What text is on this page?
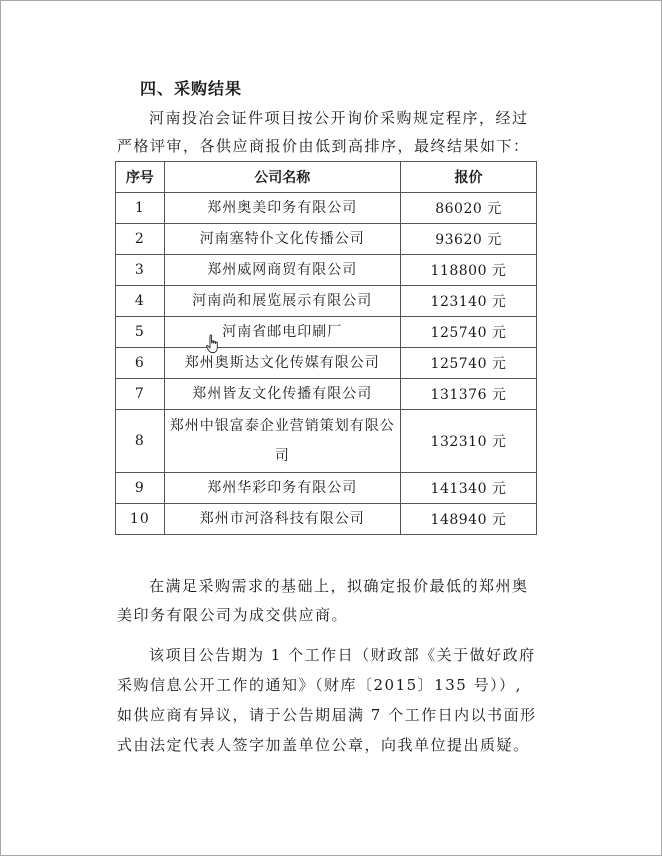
四、采购结果

河南投冶会证件项目按公开询价采购规定程序，经过严格评审，各供应商报价由低到高排序，最终结果如下：

序号	公司名称	报价
1	郑州奥美印务有限公司	86020 元
2	河南塞特仆文化传播公司	93620 元
3	郑州威网商贸有限公司	118800 元
4	河南尚和展览展示有限公司	123140 元
5	河南省邮电印刷厂	125740 元
6	郑州奥斯达文化传媒有限公司	125740 元
7	郑州皆友文化传播有限公司	131376 元
8	郑州中银富泰企业营销策划有限公司	132310 元
9	郑州华彩印务有限公司	141340 元
10	郑州市河洛科技有限公司	148940 元

在满足采购需求的基础上，拟确定报价最低的郑州奥美印务有限公司为成交供应商。

该项目公告期为 1 个工作日（财政部《关于做好政府采购信息公开工作的通知》（财库〔2015〕135 号））,如供应商有异议，请于公告期届满 7 个工作日内以书面形式由法定代表人签字加盖单位公章，向我单位提出质疑。
